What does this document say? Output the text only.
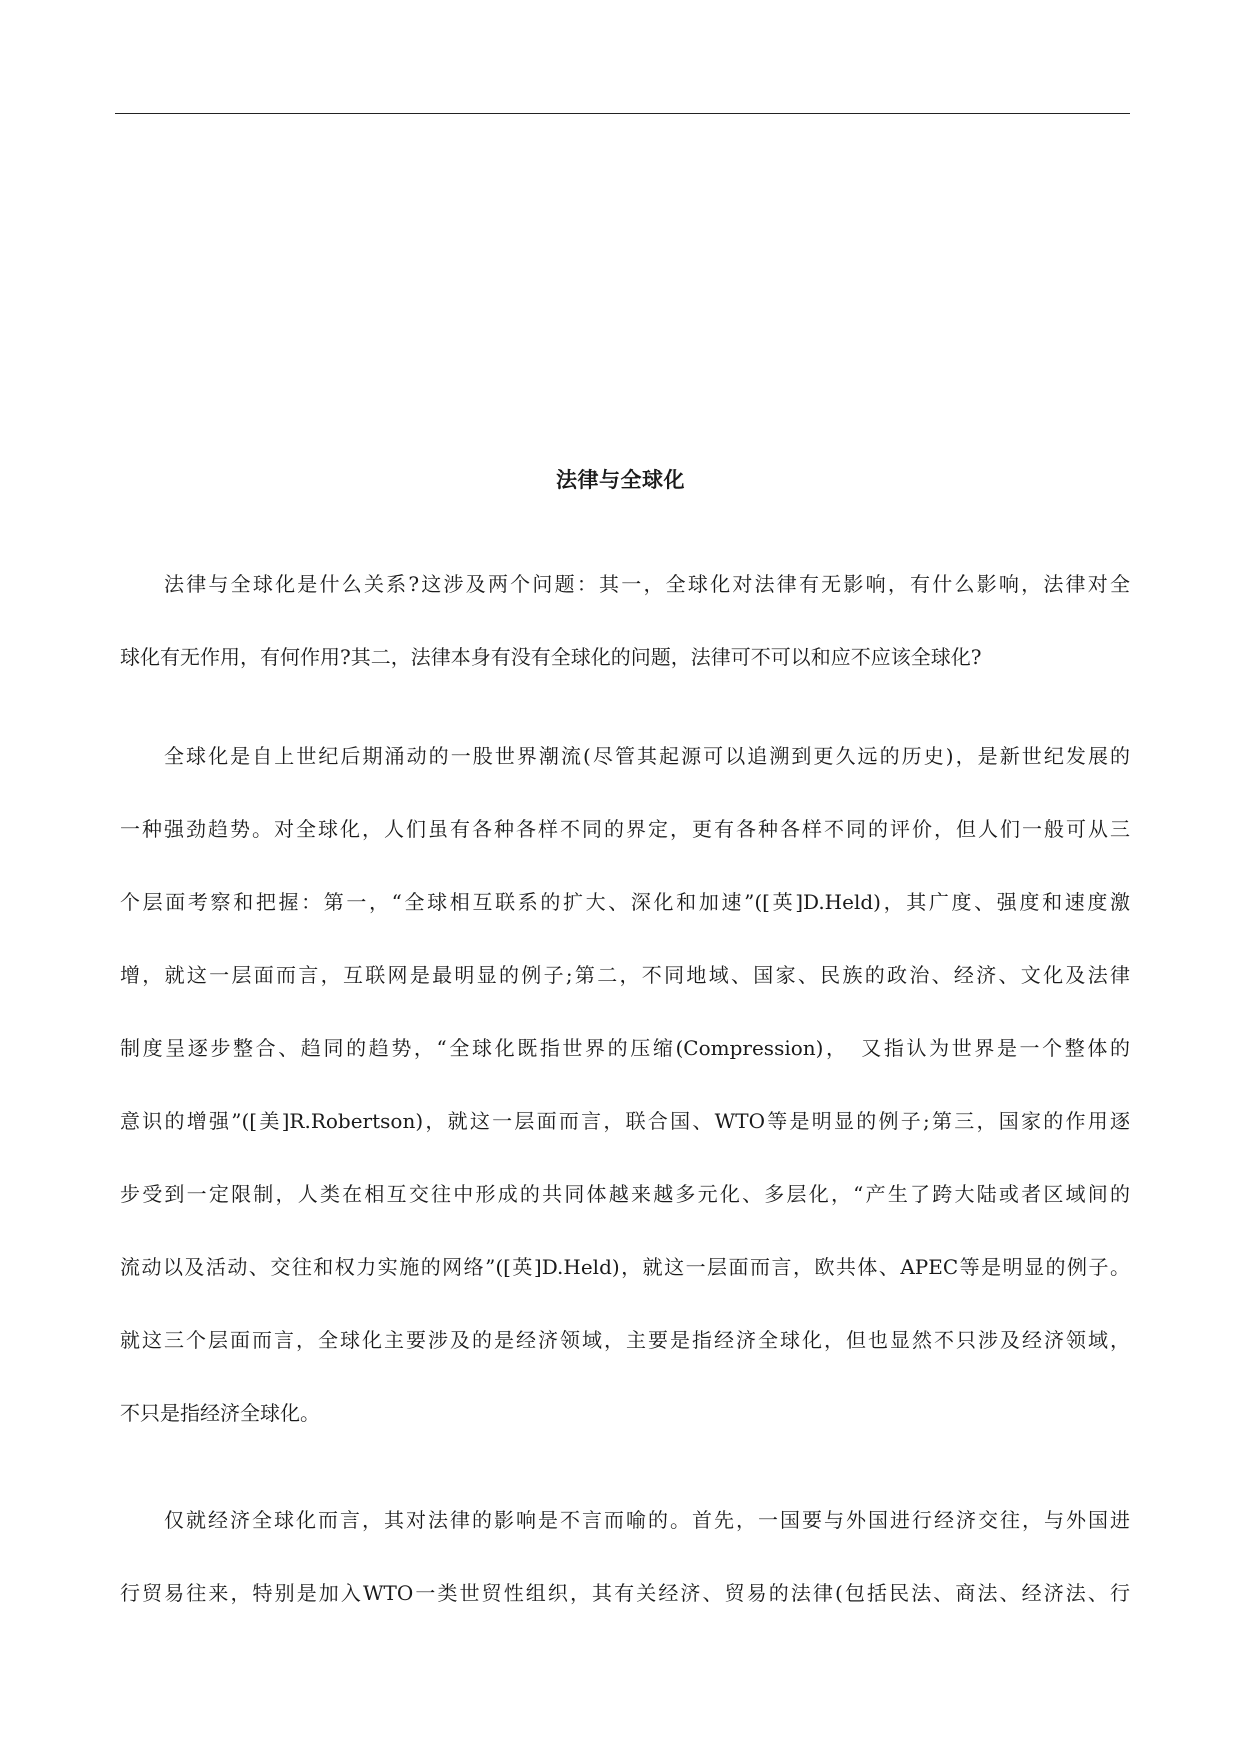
法律与全球化
法律与全球化是什么关系?这涉及两个问题：其一，全球化对法律有无影响，有什么影响，法律对全
球化有无作用，有何作用?其二，法律本身有没有全球化的问题，法律可不可以和应不应该全球化?
全球化是自上世纪后期涌动的一股世界潮流(尽管其起源可以追溯到更久远的历史)，是新世纪发展的
一种强劲趋势。对全球化，人们虽有各种各样不同的界定，更有各种各样不同的评价，但人们一般可从三
个层面考察和把握：第一，“全球相互联系的扩大、深化和加速”([英]D.Held)，其广度、强度和速度激
增，就这一层面而言，互联网是最明显的例子;第二，不同地域、国家、民族的政治、经济、文化及法律
制度呈逐步整合、趋同的趋势，“全球化既指世界的压缩(Compression)，　又指认为世界是一个整体的
意识的增强”([美]R.Robertson)，就这一层面而言，联合国、WTO等是明显的例子;第三，国家的作用逐
步受到一定限制，人类在相互交往中形成的共同体越来越多元化、多层化，“产生了跨大陆或者区域间的
流动以及活动、交往和权力实施的网络”([英]D.Held)，就这一层面而言，欧共体、APEC等是明显的例子。
就这三个层面而言，全球化主要涉及的是经济领域，主要是指经济全球化，但也显然不只涉及经济领域，
不只是指经济全球化。
仅就经济全球化而言，其对法律的影响是不言而喻的。首先，一国要与外国进行经济交往，与外国进
行贸易往来，特别是加入WTO一类世贸性组织，其有关经济、贸易的法律(包括民法、商法、经济法、行
